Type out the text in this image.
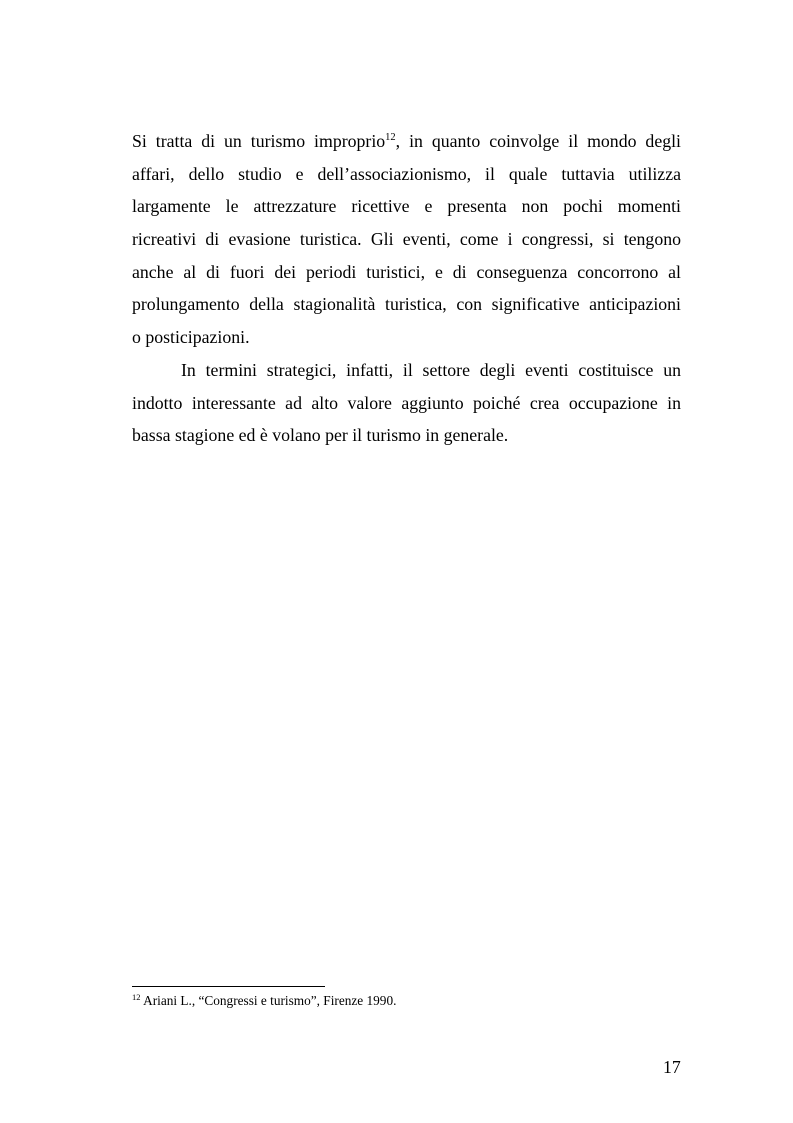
Si tratta di un turismo improprio$^{12}$, in quanto coinvolge il mondo degli
affari, dello studio e dell’associazionismo, il quale tuttavia utilizza
largamente le attrezzature ricettive e presenta non pochi momenti
ricreativi di evasione turistica. Gli eventi, come i congressi, si tengono
anche al di fuori dei periodi turistici, e di conseguenza concorrono al
prolungamento della stagionalità turistica, con significative anticipazioni
o posticipazioni.
In termini strategici, infatti, il settore degli eventi costituisce un
indotto interessante ad alto valore aggiunto poiché crea occupazione in
bassa stagione ed è volano per il turismo in generale.
$^{12}$ Ariani L., “Congressi e turismo”, Firenze 1990.
17
